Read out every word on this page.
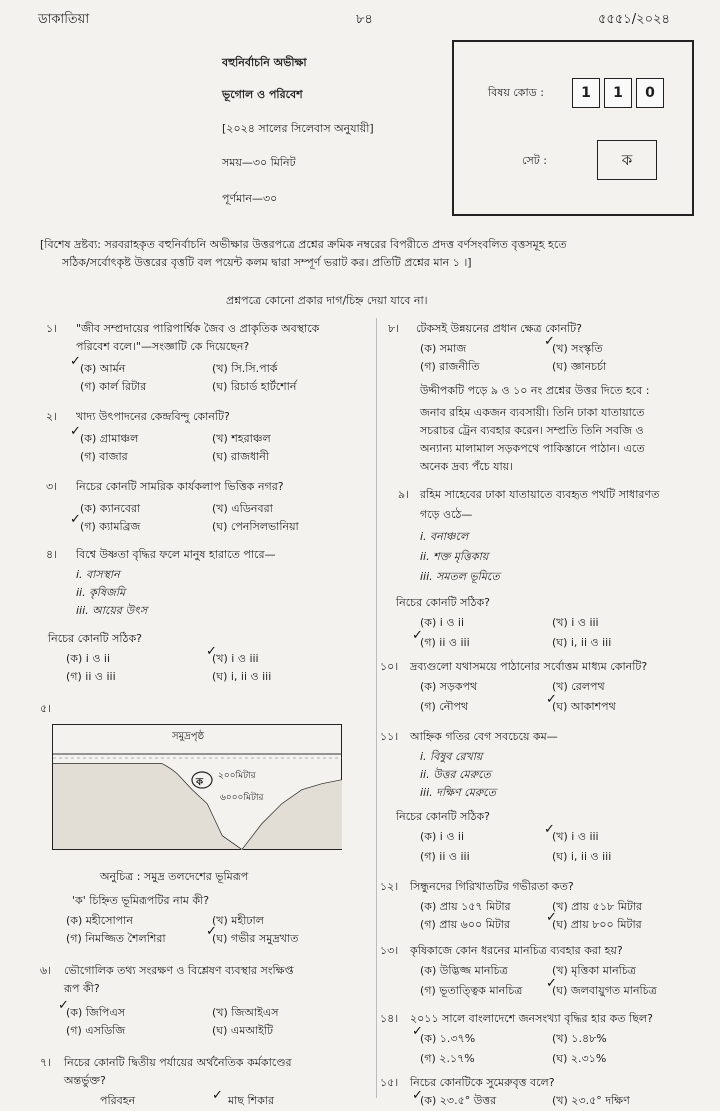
ডাকাতিয়া	৮৪	৫৫৫১/২০২৪
বহুনির্বাচনি অভীক্ষা
ভূগোল ও পরিবেশ
[২০২৪ সালের সিলেবাস অনুযায়ী]
সময়—৩০ মিনিট
পূর্ণমান—৩০
বিষয় কোড :	1	1	0
সেট :	ক
[বিশেষ দ্রষ্টব্য: সরবরাহকৃত বহুনির্বাচনি অভীক্ষার উত্তরপত্রে প্রশ্নের ক্রমিক নম্বরের বিপরীতে প্রদত্ত বর্ণসংবলিত বৃত্তসমূহ হতে
সঠিক/সর্বোৎকৃষ্ট উত্তরের বৃত্তটি বল পয়েন্ট কলম দ্বারা সম্পূর্ণ ভরাট কর। প্রতিটি প্রশ্নের মান ১ ।]
প্রশ্নপত্রে কোনো প্রকার দাগ/চিহ্ন দেয়া যাবে না।
১। "জীব সম্প্রদায়ের পারিপার্শ্বিক জৈব ও প্রাকৃতিক অবস্থাকে
পরিবেশ বলে।"—সংজ্ঞাটি কে দিয়েছেন?
(ক) আর্মন	(খ) সি.সি.পার্ক
(গ) কার্ল রিটার	(ঘ) রিচার্ড হার্টশোর্ন
✓
২। খাদ্য উৎপাদনের কেন্দ্রবিন্দু কোনটি?
(ক) গ্রামাঞ্চল	(খ) শহরাঞ্চল
(গ) বাজার	(ঘ) রাজধানী
✓
৩। নিচের কোনটি সামরিক কার্যকলাপ ভিত্তিক নগর?
(ক) ক্যানবেরা	(খ) এডিনবরা
(গ) ক্যামব্রিজ	(ঘ) পেনসিলভানিয়া
✓
৪। বিশ্বে উষ্ণতা বৃদ্ধির ফলে মানুষ হারাতে পারে—
i. বাসস্থান
ii. কৃষিজমি
iii. আয়ের উৎস
নিচের কোনটি সঠিক?
(ক) i ও ii	(খ) i ও iii
(গ) ii ও iii	(ঘ) i, ii ও iii
✓
৫।
সমুদ্রপৃষ্ঠ
২০০মিটার
৬০০০মিটার
ক
অনুচিত্র : সমুদ্র তলদেশের ভূমিরূপ
'ক' চিহ্নিত ভূমিরূপটির নাম কী?
(ক) মহীসোপান	(খ) মহীঢাল
(গ) নিমজ্জিত শৈলশিরা	(ঘ) গভীর সমুদ্রখাত
✓
৬। ভৌগোলিক তথ্য সংরক্ষণ ও বিশ্লেষণ ব্যবস্থার সংক্ষিপ্ত
রূপ কী?
(ক) জিপিএস	(খ) জিআইএস
(গ) এসডিজি	(ঘ) এমআইটি
✓
৭। নিচের কোনটি দ্বিতীয় পর্যায়ের অর্থনৈতিক কর্মকাণ্ডের
অন্তর্ভুক্ত?
পরিবহন	মাছ শিকার
✓
৮। টেকসই উন্নয়নের প্রধান ক্ষেত্র কোনটি?
(ক) সমাজ	(খ) সংস্কৃতি
(গ) রাজনীতি	(ঘ) জ্ঞানচর্চা
✓
উদ্দীপকটি পড়ে ৯ ও ১০ নং প্রশ্নের উত্তর দিতে হবে :
জনাব রহিম একজন ব্যবসায়ী। তিনি ঢাকা যাতায়াতে
সচরাচর ট্রেন ব্যবহার করেন। সম্প্রতি তিনি সবজি ও
অন্যান্য মালামাল সড়কপথে পাকিস্তানে পাঠান। এতে
অনেক দ্রব্য পঁচে যায়।
৯। রহিম সাহেবের ঢাকা যাতায়াতে ব্যবহৃত পথটি সাধারণত
গড়ে ওঠে—
i. বনাঞ্চলে
ii. শক্ত মৃত্তিকায়
iii. সমতল ভূমিতে
নিচের কোনটি সঠিক?
(ক) i ও ii	(খ) i ও iii
(গ) ii ও iii	(ঘ) i, ii ও iii
✓
১০। দ্রব্যগুলো যথাসময়ে পাঠানোর সর্বোত্তম মাধ্যম কোনটি?
(ক) সড়কপথ	(খ) রেলপথ
(গ) নৌপথ	(ঘ) আকাশপথ
✓
১১। আহ্নিক গতির বেগ সবচেয়ে কম—
i. বিষুব রেখায়
ii. উত্তর মেরুতে
iii. দক্ষিণ মেরুতে
নিচের কোনটি সঠিক?
(ক) i ও ii	(খ) i ও iii
(গ) ii ও iii	(ঘ) i, ii ও iii
✓
১২। সিন্ধুনদের গিরিখাতটির গভীরতা কত?
(ক) প্রায় ১৫৭ মিটার	(খ) প্রায় ৫১৮ মিটার
(গ) প্রায় ৬০০ মিটার	(ঘ) প্রায় ৮০০ মিটার
✓
১৩। কৃষিকাজে কোন ধরনের মানচিত্র ব্যবহার করা হয়?
(ক) উদ্ভিজ্জ মানচিত্র	(খ) মৃত্তিকা মানচিত্র
(গ) ভূতাত্ত্বিক মানচিত্র	(ঘ) জলবায়ুগত মানচিত্র
✓
১৪। ২০১১ সালে বাংলাদেশে জনসংখ্যা বৃদ্ধির হার কত ছিল?
(ক) ১.৩৭%	(খ) ১.৪৮%
(গ) ২.১৭%	(ঘ) ২.৩১%
✓
১৫। নিচের কোনটিকে সুমেরুবৃত্ত বলে?
(ক) ২৩.৫° উত্তর	(খ) ২৩.৫° দক্ষিণ
✓
